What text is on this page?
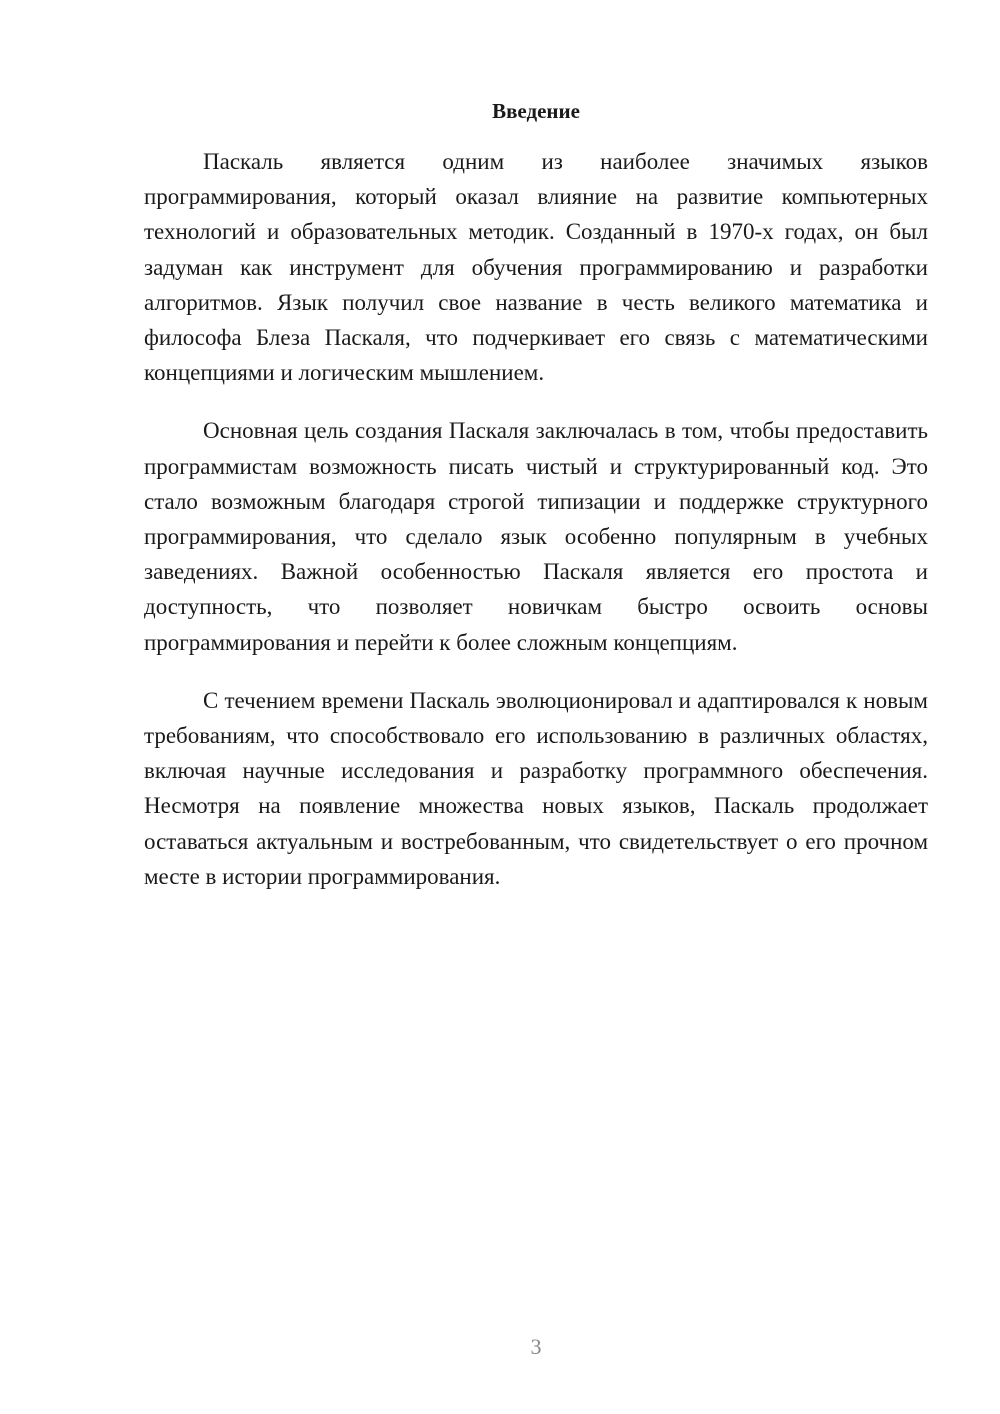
Введение

Паскаль является одним из наиболее значимых языков программирования, который оказал влияние на развитие компьютерных технологий и образовательных методик. Созданный в 1970-х годах, он был задуман как инструмент для обучения программированию и разработки алгоритмов. Язык получил свое название в честь великого математика и философа Блеза Паскаля, что подчеркивает его связь с математическими концепциями и логическим мышлением.

Основная цель создания Паскаля заключалась в том, чтобы предоставить программистам возможность писать чистый и структурированный код. Это стало возможным благодаря строгой типизации и поддержке структурного программирования, что сделало язык особенно популярным в учебных заведениях. Важной особенностью Паскаля является его простота и доступность, что позволяет новичкам быстро освоить основы программирования и перейти к более сложным концепциям.

С течением времени Паскаль эволюционировал и адаптировался к новым требованиям, что способствовало его использованию в различных областях, включая научные исследования и разработку программного обеспечения. Несмотря на появление множества новых языков, Паскаль продолжает оставаться актуальным и востребованным, что свидетельствует о его прочном месте в истории программирования.

3
